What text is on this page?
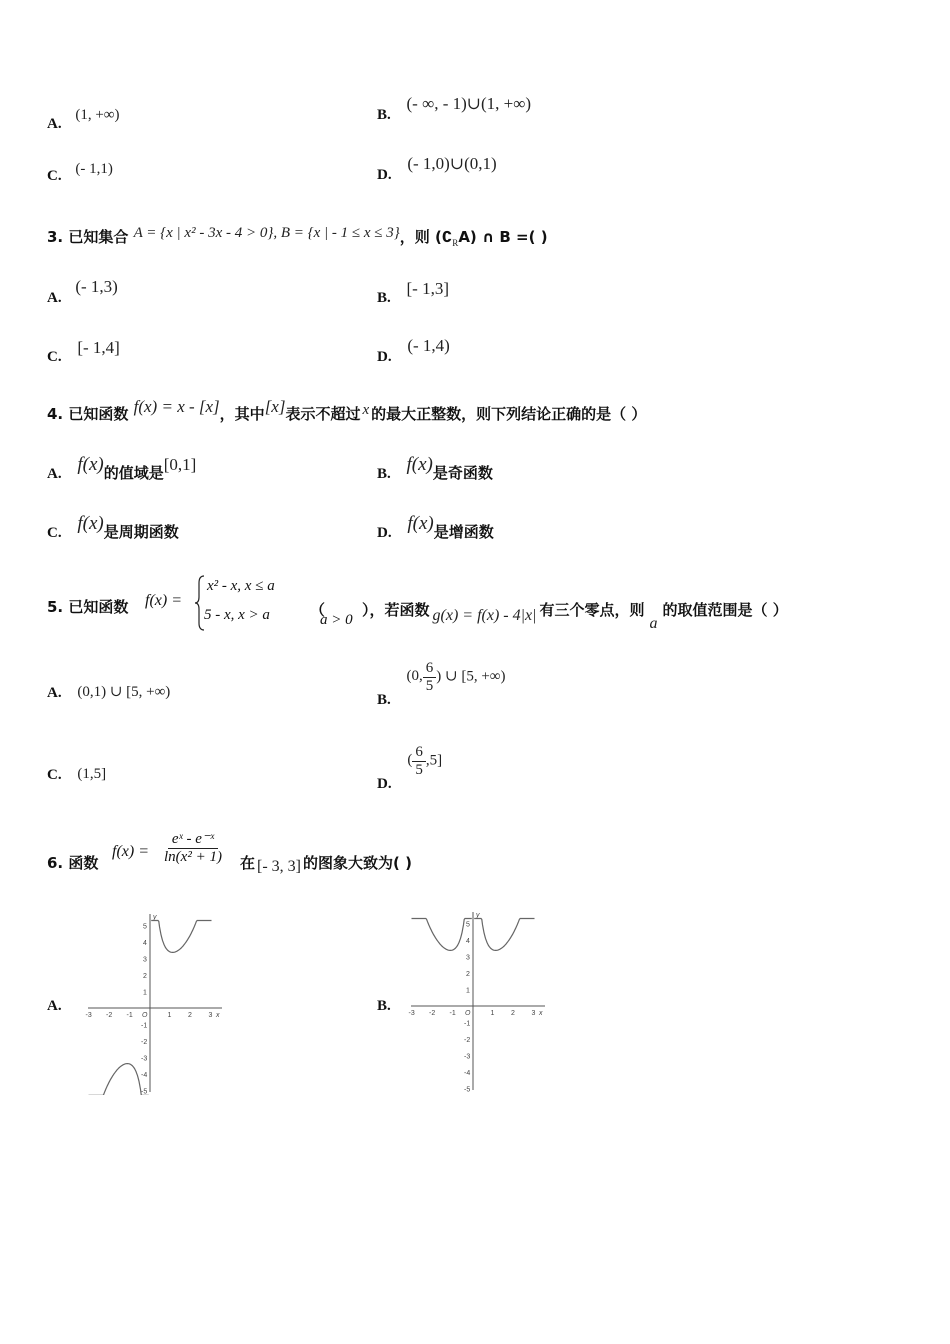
A. (1, +∞)	B. (- ∞, - 1)∪(1, +∞)
C. (- 1,1)	D. (- 1,0)∪(0,1)
3. 已知集合 A = {x | x² - 3x - 4 > 0}, B = {x | - 1 ≤ x ≤ 3}，则 $(∁_RA)$ ∩ B =( )
A. (- 1,3)
B. [- 1,3]
C. [- 1,4]	D. (- 1,4)
4. 已知函数 f(x) = x - [x]，其中[x]表示不超过 x 的最大正整数，则下列结论正确的是（ ）
A. f(x)的值域是[0,1]	B. f(x)是奇函数
C. f(x)是周期函数	D. f(x)是增函数
5. 已知函数 f(x) =
x² - x, x ≤ a
5 - x, x > a	（
a > 0
），若函数 g(x) = f(x) - 4|x| 有三个零点，则a的取值范围是（ ）
A. (0,1) ∪ [5, +∞)
B. (0, $\frac{6}{5}$ ) ∪ [5, +∞)
C. (1,5]
D. ( $\frac{6}{5} ,5$]
6. 函数
$f(x) = \frac{\text{eˣ - e⁻ˣ}}{\text{ln(x² + 1)}}$ 在 [- 3, 3] 的图象大致为( )
A.	B.
-3 -2 -1 O	1 2 3 x
y
5
4
3
2
1
-1
-2
-3
-4
-5
-3 -2 -1 O	1 2 3 x
y
5
4
3
2
1
-1
-2
-3
-4
-5
